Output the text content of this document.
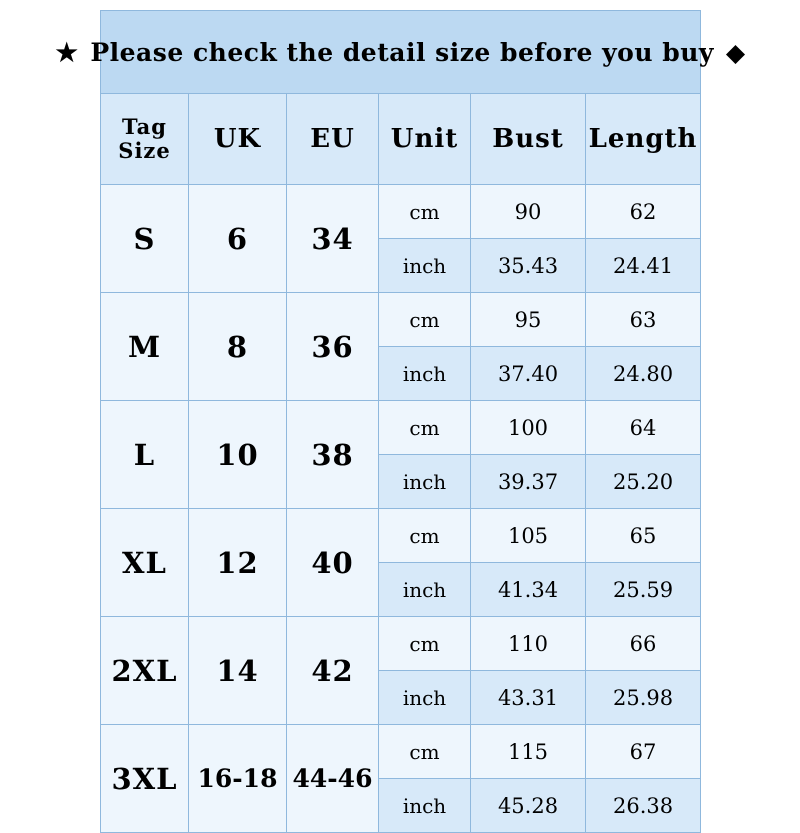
★ Please check the detail size before you buy ◆					

Tag
Size	UK	EU	Unit	Bust	Length
S	6	34	cm	90	62
			inch	35.43	24.41
M	8	36	cm	95	63
			inch	37.40	24.80
L	10	38	cm	100	64
			inch	39.37	25.20
XL	12	40	cm	105	65
			inch	41.34	25.59
2XL	14	42	cm	110	66
			inch	43.31	25.98
3XL	16-18	44-46	cm	115	67
			inch	45.28	26.38
